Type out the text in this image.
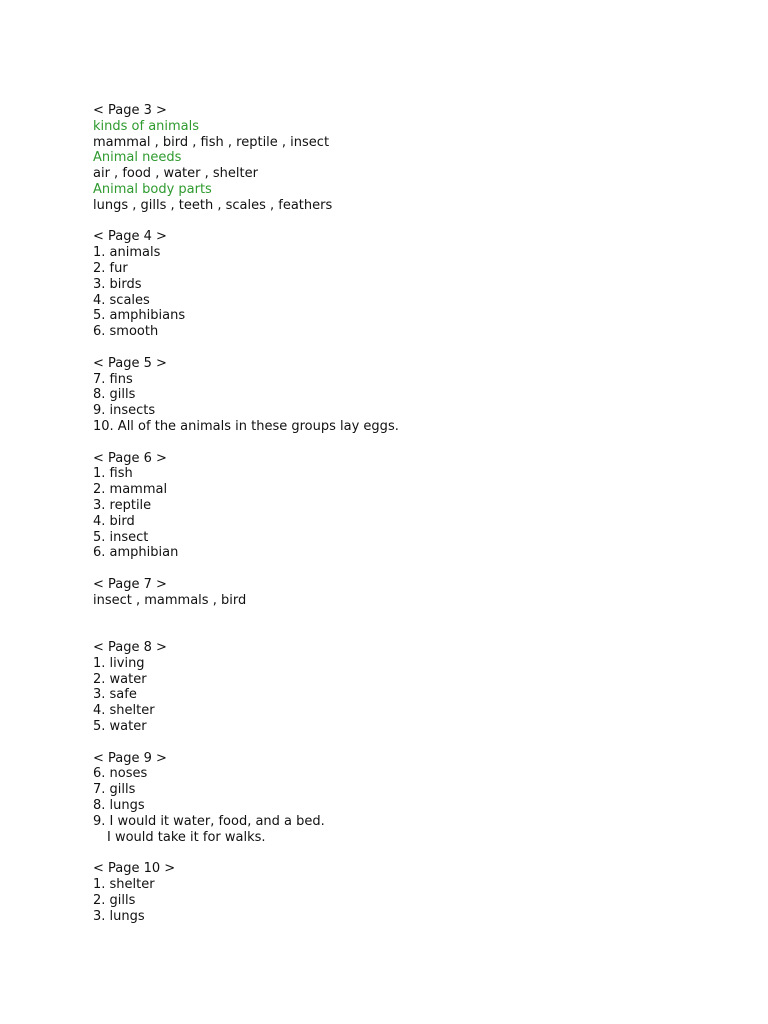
< Page 3 >
kinds of animals
mammal , bird , fish , reptile , insect
Animal needs
air , food , water , shelter
Animal body parts
lungs , gills , teeth , scales , feathers
< Page 4 >
1. animals
2. fur
3. birds
4. scales
5. amphibians
6. smooth
< Page 5 >
7. fins
8. gills
9. insects
10. All of the animals in these groups lay eggs.
< Page 6 >
1. fish
2. mammal
3. reptile
4. bird
5. insect
6. amphibian
< Page 7 >
insect , mammals , bird
< Page 8 >
1. living
2. water
3. safe
4. shelter
5. water
< Page 9 >
6. noses
7. gills
8. lungs
9. I would it water, food, and a bed.
I would take it for walks.
< Page 10 >
1. shelter
2. gills
3. lungs
